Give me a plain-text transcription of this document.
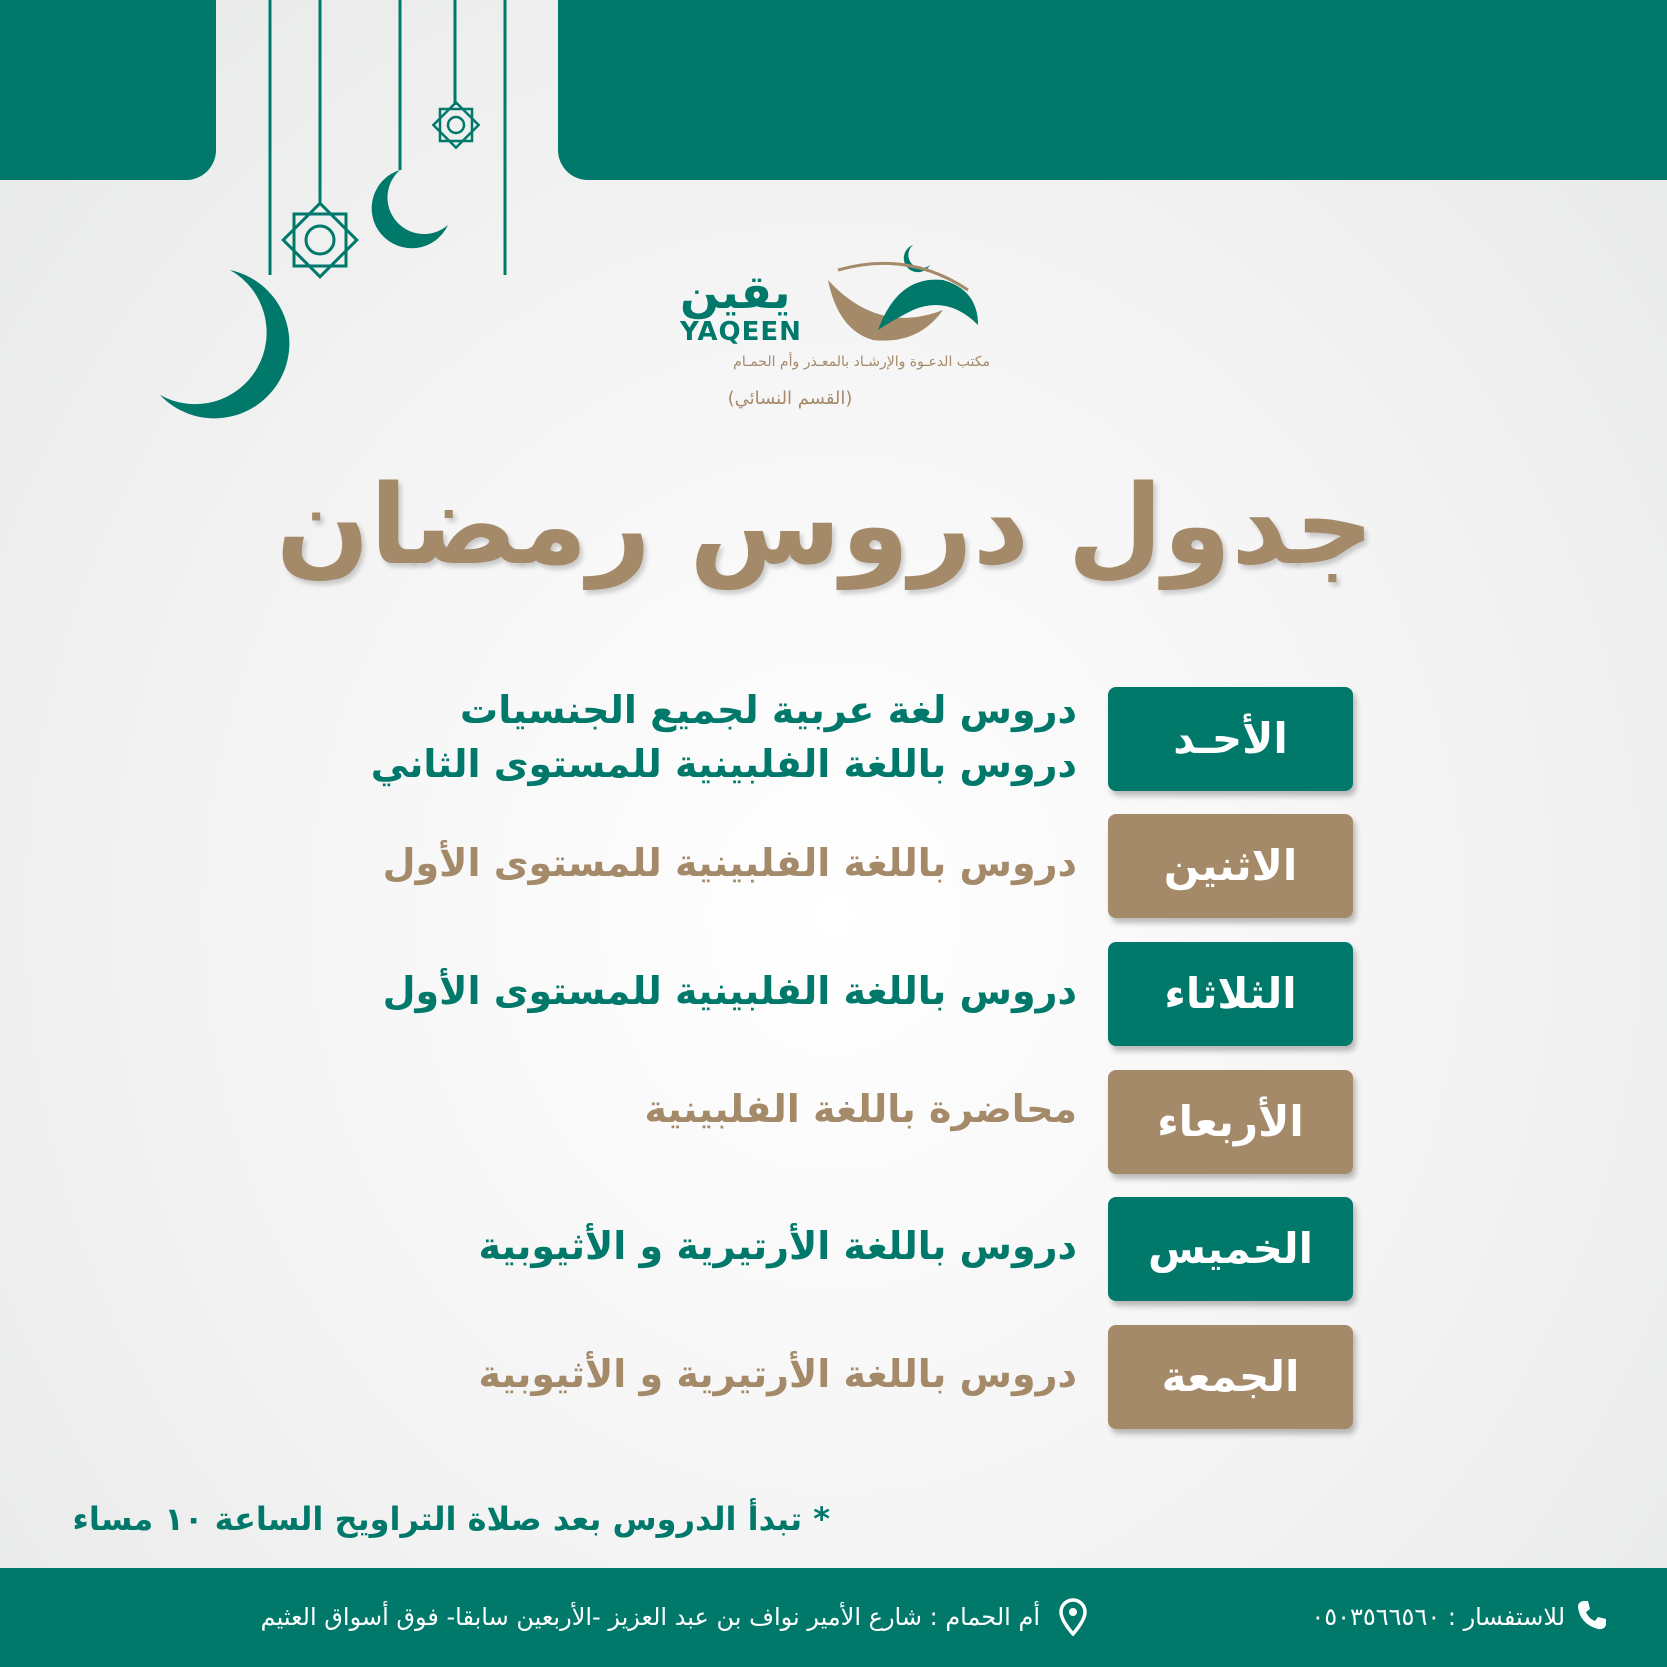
يقين
YAQEEN
مكتب الدعـوة والإرشـاد بالمعـذر وأم الحمـام
(القسم النسائي)
جدول دروس رمضان
الأحـد
دروس لغة عربية لجميع الجنسيات
دروس باللغة الفلبينية للمستوى الثاني
الاثنين
دروس باللغة الفلبينية للمستوى الأول
الثلاثاء
دروس باللغة الفلبينية للمستوى الأول
الأربعاء
محاضرة باللغة الفلبينية
الخميس
دروس باللغة الأرتيرية و الأثيوبية
الجمعة
دروس باللغة الأرتيرية و الأثيوبية
* تبدأ الدروس بعد صلاة التراويح الساعة ١٠ مساء
للاستفسار : ٠٥٠٣٥٦٦٥٦٠
أم الحمام : شارع الأمير نواف بن عبد العزيز -الأربعين سابقا- فوق أسواق العثيم
